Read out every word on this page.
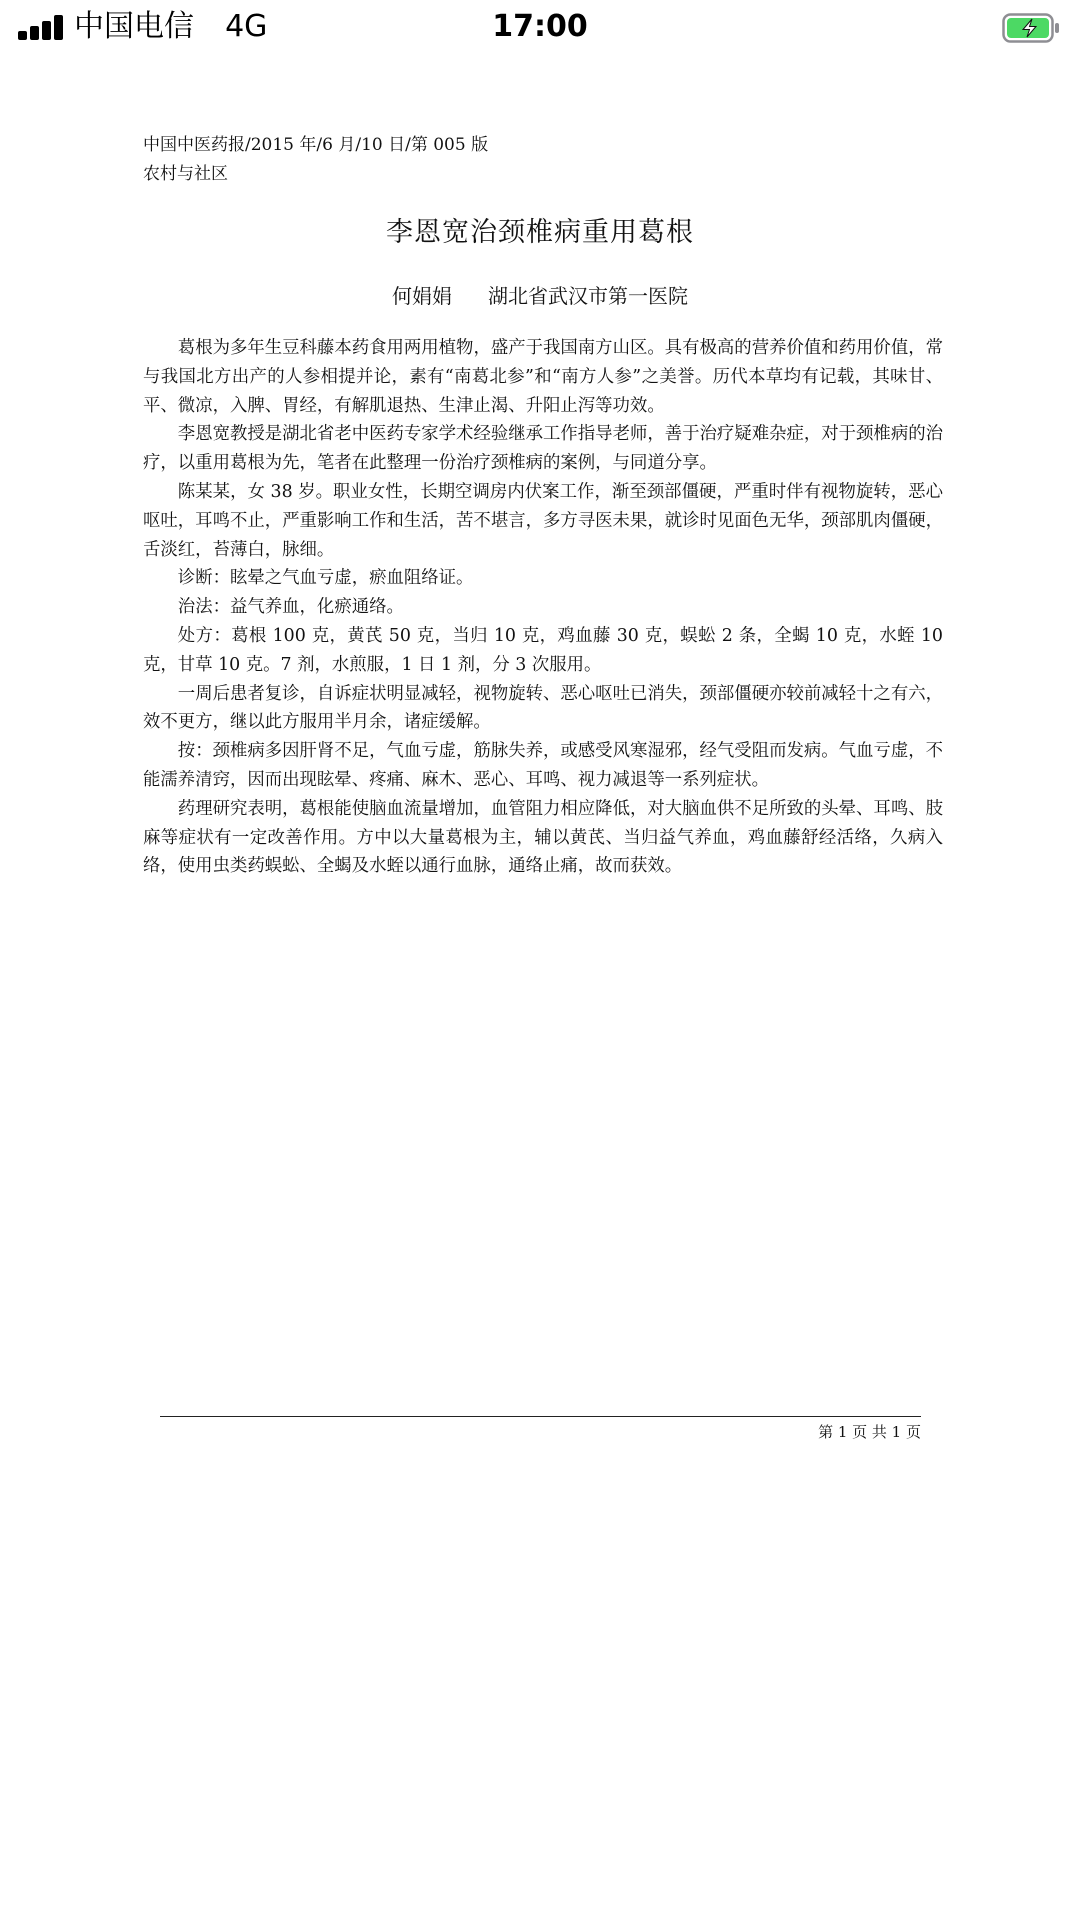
中国电信 4G	17:00
中国中医药报/2015 年/6 月/10 日/第 005 版
农村与社区
李恩宽治颈椎病重用葛根
何娟娟 湖北省武汉市第一医院

葛根为多年生豆科藤本药食用两用植物，盛产于我国南方山区。具有极高的营养价值和药用价值，常与我国北方出产的人参相提并论，素有“南葛北参”和“南方人参”之美誉。历代本草均有记载，其味甘、平、微凉，入脾、胃经，有解肌退热、生津止渴、升阳止泻等功效。

李恩宽教授是湖北省老中医药专家学术经验继承工作指导老师，善于治疗疑难杂症，对于颈椎病的治疗，以重用葛根为先，笔者在此整理一份治疗颈椎病的案例，与同道分享。

陈某某，女 38 岁。职业女性，长期空调房内伏案工作，渐至颈部僵硬，严重时伴有视物旋转，恶心呕吐，耳鸣不止，严重影响工作和生活，苦不堪言，多方寻医未果，就诊时见面色无华，颈部肌肉僵硬，舌淡红，苔薄白，脉细。

诊断：眩晕之气血亏虚，瘀血阻络证。

治法：益气养血，化瘀通络。

处方：葛根 100 克，黄芪 50 克，当归 10 克，鸡血藤 30 克，蜈蚣 2 条，全蝎 10 克，水蛭 10 克，甘草 10 克。7 剂，水煎服，1 日 1 剂，分 3 次服用。

一周后患者复诊，自诉症状明显减轻，视物旋转、恶心呕吐已消失，颈部僵硬亦较前减轻十之有六，效不更方，继以此方服用半月余，诸症缓解。

按：颈椎病多因肝肾不足，气血亏虚，筋脉失养，或感受风寒湿邪，经气受阻而发病。气血亏虚，不能濡养清窍，因而出现眩晕、疼痛、麻木、恶心、耳鸣、视力减退等一系列症状。

药理研究表明，葛根能使脑血流量增加，血管阻力相应降低，对大脑血供不足所致的头晕、耳鸣、肢麻等症状有一定改善作用。方中以大量葛根为主，辅以黄芪、当归益气养血，鸡血藤舒经活络，久病入络，使用虫类药蜈蚣、全蝎及水蛭以通行血脉，通络止痛，故而获效。

第 1 页 共 1 页
